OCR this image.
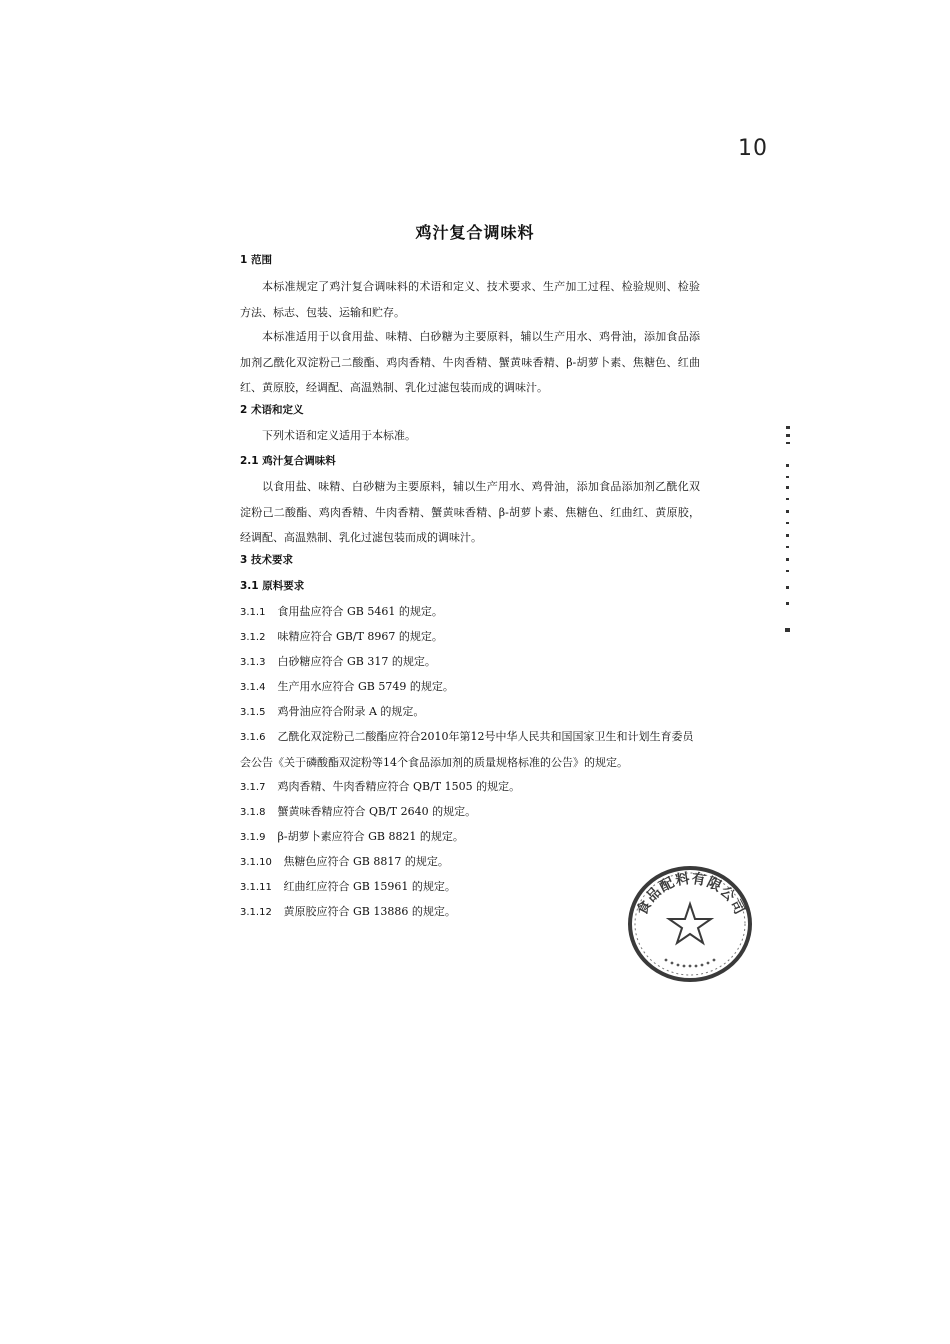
10
鸡汁复合调味料
1 范围
本标准规定了鸡汁复合调味料的术语和定义、技术要求、生产加工过程、检验规则、检验方法、标志、包装、运输和贮存。
本标准适用于以食用盐、味精、白砂糖为主要原料，辅以生产用水、鸡骨油，添加食品添加剂乙酰化双淀粉己二酸酯、鸡肉香精、牛肉香精、蟹黄味香精、β-胡萝卜素、焦糖色、红曲红、黄原胶，经调配、高温熟制、乳化过滤包装而成的调味汁。
2 术语和定义
下列术语和定义适用于本标准。
2.1 鸡汁复合调味料
以食用盐、味精、白砂糖为主要原料，辅以生产用水、鸡骨油，添加食品添加剂乙酰化双淀粉己二酸酯、鸡肉香精、牛肉香精、蟹黄味香精、β-胡萝卜素、焦糖色、红曲红、黄原胶，经调配、高温熟制、乳化过滤包装而成的调味汁。
3 技术要求
3.1 原料要求
3.1.1 食用盐应符合 GB 5461 的规定。
3.1.2 味精应符合 GB/T 8967 的规定。
3.1.3 白砂糖应符合 GB 317 的规定。
3.1.4 生产用水应符合 GB 5749 的规定。
3.1.5 鸡骨油应符合附录 A 的规定。
3.1.6 乙酰化双淀粉己二酸酯应符合2010年第12号中华人民共和国国家卫生和计划生育委员会公告《关于磷酸酯双淀粉等14个食品添加剂的质量规格标准的公告》的规定。
3.1.7 鸡肉香精、牛肉香精应符合 QB/T 1505 的规定。
3.1.8 蟹黄味香精应符合 QB/T 2640 的规定。
3.1.9 β-胡萝卜素应符合 GB 8821 的规定。
3.1.10 焦糖色应符合 GB 8817 的规定。
3.1.11 红曲红应符合 GB 15961 的规定。
3.1.12 黄原胶应符合 GB 13886 的规定。	食品配料有限公司
